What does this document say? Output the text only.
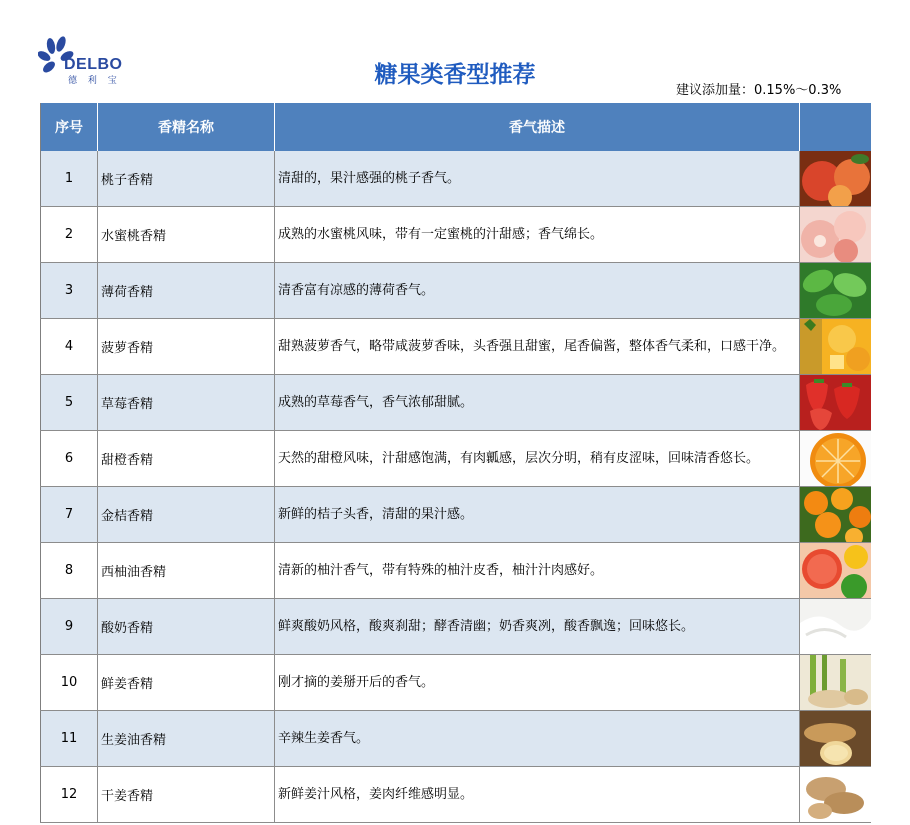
DELBO
德 利 宝	糖果类香型推荐
建议添加量：0.15%～0.3%
序号	香精名称	香气描述	
1	桃子香精	清甜的，果汁感强的桃子香气。	

2	水蜜桃香精	成熟的水蜜桃风味，带有一定蜜桃的汁甜感；香气绵长。	

3	薄荷香精	清香富有凉感的薄荷香气。	

4	菠萝香精	甜熟菠萝香气，略带咸菠萝香味，头香强且甜蜜，尾香偏酱，整体香气柔和，口感干净。	

5	草莓香精	成熟的草莓香气，香气浓郁甜腻。	

6	甜橙香精	天然的甜橙风味，汁甜感饱满，有肉瓤感，层次分明，稍有皮涩味，回味清香悠长。	

7	金桔香精	新鲜的桔子头香，清甜的果汁感。	

8	西柚油香精	清新的柚汁香气，带有特殊的柚汁皮香，柚汁汁肉感好。	

9	酸奶香精	鲜爽酸奶风格，酸爽刹甜；酵香清幽；奶香爽冽，酸香飘逸；回味悠长。	

10	鲜姜香精	刚才摘的姜掰开后的香气。	

11	生姜油香精	辛辣生姜香气。	

12	干姜香精	新鲜姜汁风格，姜肉纤维感明显。	
